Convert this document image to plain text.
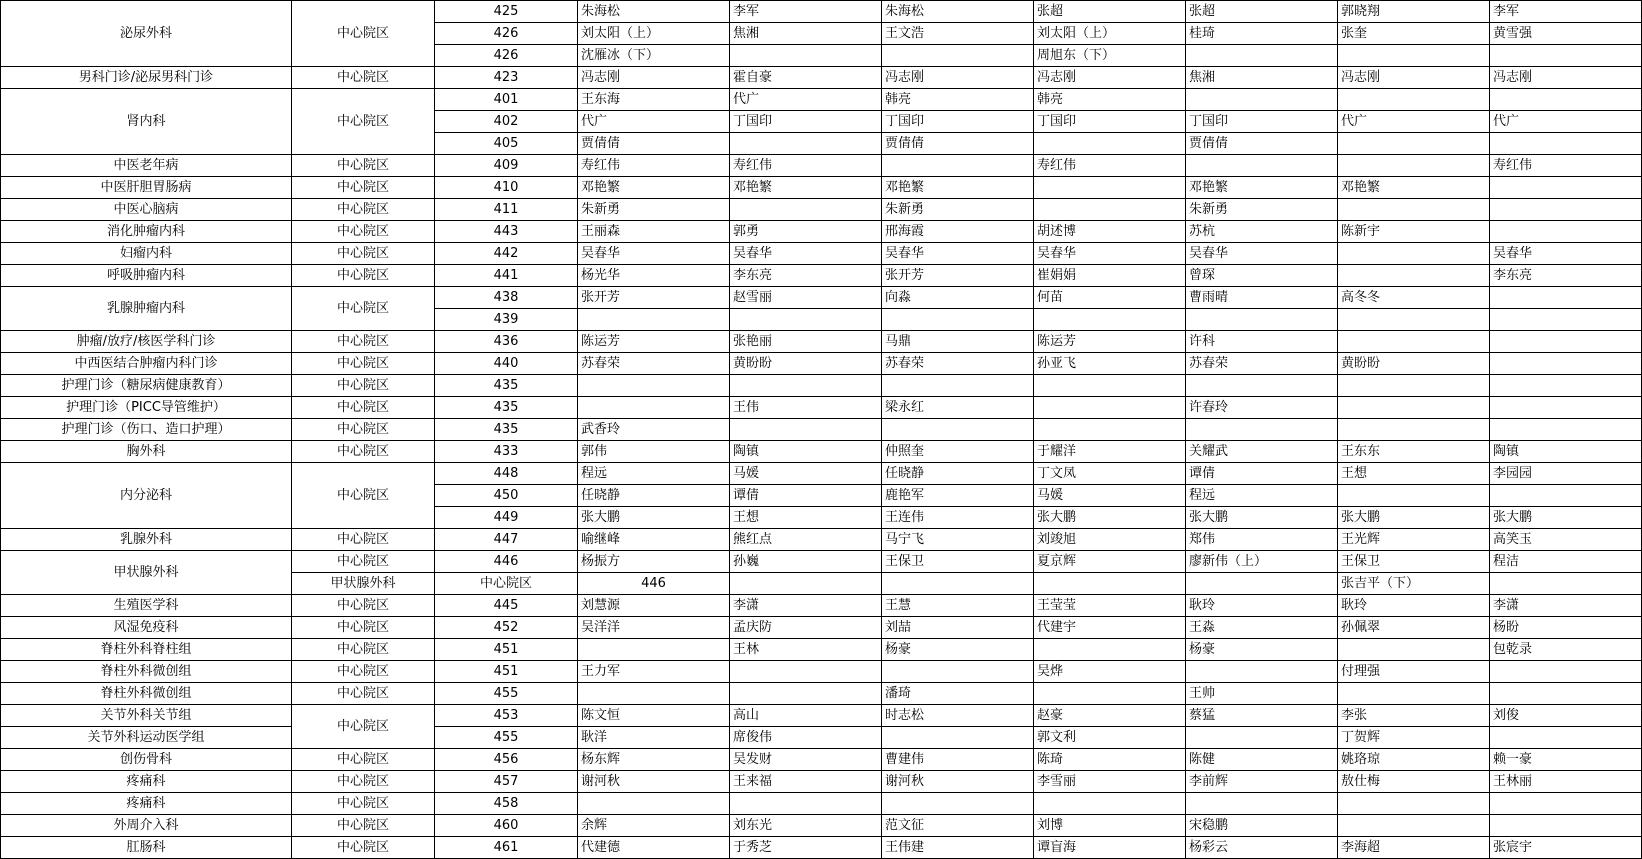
泌尿外科	中心院区	425	朱海松	李军	朱海松	张超	张超	郭晓翔	李军	
		426	刘太阳（上）	焦湘	王文浩	刘太阳（上）	桂琦	张奎	黄雪强	
		426	沈雁冰（下）			周旭东（下）				
男科门诊/泌尿男科门诊	中心院区	423	冯志刚	霍自豪	冯志刚	冯志刚	焦湘	冯志刚	冯志刚	
肾内科	中心院区	401	王东海	代广	韩亮	韩亮				
		402	代广	丁国印	丁国印	丁国印	丁国印	代广	代广	
		405	贾倩倩		贾倩倩		贾倩倩			
中医老年病	中心院区	409	寿红伟	寿红伟		寿红伟			寿红伟	
中医肝胆胃肠病	中心院区	410	邓艳繁	邓艳繁	邓艳繁		邓艳繁	邓艳繁		
中医心脑病	中心院区	411	朱新勇		朱新勇		朱新勇			
消化肿瘤内科	中心院区	443	王丽森	郭勇	邢海霞	胡述博	苏杭	陈新宇		
妇瘤内科	中心院区	442	吴春华	吴春华	吴春华	吴春华	吴春华		吴春华	
呼吸肿瘤内科	中心院区	441	杨光华	李东亮	张开芳	崔娟娟	曾琛		李东亮	
乳腺肿瘤内科	中心院区	438	张开芳	赵雪丽	向淼	何苗	曹雨晴	高冬冬		
		439								
肿瘤/放疗/核医学科门诊	中心院区	436	陈运芳	张艳丽	马鼎	陈运芳	许科			
中西医结合肿瘤内科门诊	中心院区	440	苏春荣	黄盼盼	苏春荣	孙亚飞	苏春荣	黄盼盼		
护理门诊（糖尿病健康教育）	中心院区	435								
护理门诊（PICC导管维护）	中心院区	435		王伟	梁永红		许春玲			
护理门诊（伤口、造口护理）	中心院区	435	武香玲							
胸外科	中心院区	433	郭伟	陶镇	仲照奎	于耀洋	关耀武	王东东	陶镇	
内分泌科	中心院区	448	程远	马媛	任晓静	丁文凤	谭倩	王想	李园园	
		450	任晓静	谭倩	鹿艳军	马媛	程远			
		449	张大鹏	王想	王连伟	张大鹏	张大鹏	张大鹏	张大鹏	
乳腺外科	中心院区	447	喻继峰	熊红点	马宁飞	刘竣旭	郑伟	王光辉	高笑玉	
甲状腺外科	中心院区	446	杨振方	孙巍	王保卫	夏京辉	廖新伟（上）	王保卫	程洁	
	甲状腺外科	中心院区	446					张吉平（下）		
生殖医学科	中心院区	445	刘慧源	李潇	王慧	王莹莹	耿玲	耿玲	李潇	
风湿免疫科	中心院区	452	吴洋洋	孟庆防	刘喆	代建宇	王淼	孙佩翠	杨盼	
脊柱外科脊柱组	中心院区	451		王林	杨豪		杨豪		包乾录	
脊柱外科微创组	中心院区	451	王力军			吴烨		付理强		
脊柱外科微创组	中心院区	455			潘琦		王帅			
关节外科关节组	中心院区	453	陈文恒	高山	时志松	赵豪	蔡猛	李张	刘俊	
关节外科运动医学组		455	耿洋	席俊伟		郭文利		丁贺辉		
创伤骨科	中心院区	456	杨东辉	吴发财	曹建伟	陈琦	陈健	姚珞琼	赖一豪	
疼痛科	中心院区	457	谢河秋	王来福	谢河秋	李雪丽	李前辉	敖仕梅	王林丽	
疼痛科	中心院区	458								
外周介入科	中心院区	460	余辉	刘东光	范文征	刘博	宋稳鹏			
肛肠科	中心院区	461	代建德	于秀芝	王伟建	谭盲海	杨彩云	李海超	张宸宇	
